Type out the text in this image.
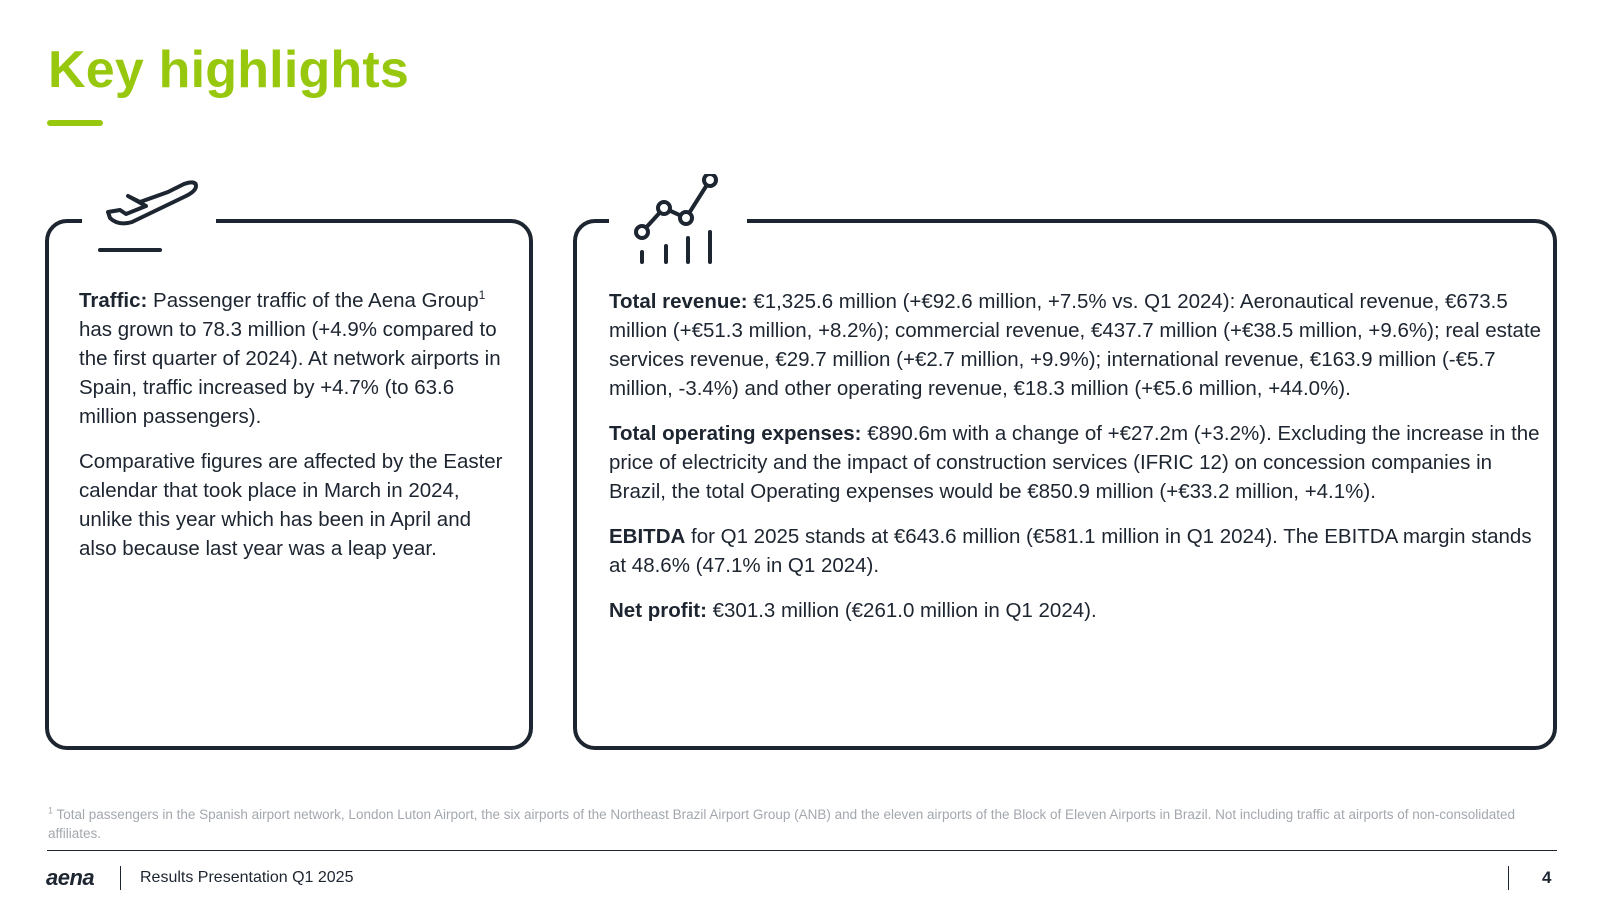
Key highlights

Traffic: Passenger traffic of the Aena Group$^1$ has grown to 78.3 million (+4.9% compared to the first quarter of 2024). At network airports in Spain, traffic increased by +4.7% (to 63.6 million passengers).

Comparative figures are affected by the Easter calendar that took place in March in 2024, unlike this year which has been in April and also because last year was a leap year.

Total revenue: €1,325.6 million (+€92.6 million, +7.5% vs. Q1 2024): Aeronautical revenue, €673.5 million (+€51.3 million, +8.2%); commercial revenue, €437.7 million (+€38.5 million, +9.6%); real estate services revenue, €29.7 million (+€2.7 million, +9.9%); international revenue, €163.9 million (-€5.7 million, -3.4%) and other operating revenue, €18.3 million (+€5.6 million, +44.0%).

Total operating expenses: €890.6m with a change of +€27.2m (+3.2%). Excluding the increase in the price of electricity and the impact of construction services (IFRIC 12) on concession companies in Brazil, the total Operating expenses would be €850.9 million (+€33.2 million, +4.1%).

EBITDA for Q1 2025 stands at €643.6 million (€581.1 million in Q1 2024). The EBITDA margin stands at 48.6% (47.1% in Q1 2024).

Net profit: €301.3 million (€261.0 million in Q1 2024).

$^1$ Total passengers in the Spanish airport network, London Luton Airport, the six airports of the Northeast Brazil Airport Group (ANB) and the eleven airports of the Block of Eleven Airports in Brazil. Not including traffic at airports of non-consolidated affiliates.
aena	Results Presentation Q1 2025	4
